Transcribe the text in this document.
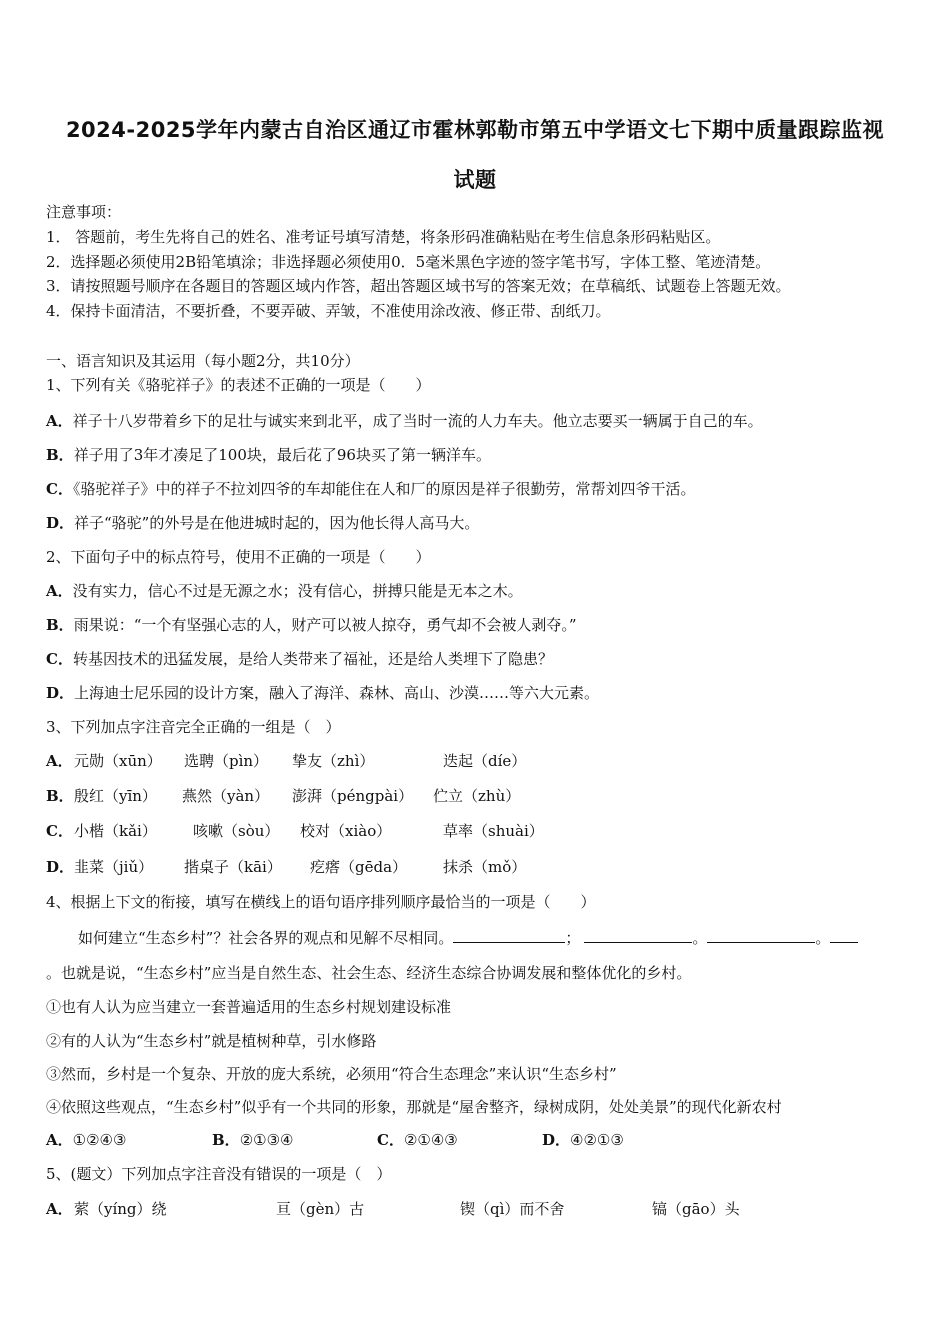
2024-2025学年内蒙古自治区通辽市霍林郭勒市第五中学语文七下期中质量跟踪监视
试题
注意事项：
1． 答题前，考生先将自己的姓名、准考证号填写清楚，将条形码准确粘贴在考生信息条形码粘贴区。
2．选择题必须使用2B铅笔填涂；非选择题必须使用0．5毫米黑色字迹的签字笔书写，字体工整、笔迹清楚。
3．请按照题号顺序在各题目的答题区域内作答，超出答题区域书写的答案无效；在草稿纸、试题卷上答题无效。
4．保持卡面清洁，不要折叠，不要弄破、弄皱，不准使用涂改液、修正带、刮纸刀。
一、语言知识及其运用（每小题2分，共10分）
1、下列有关《骆驼祥子》的表述不正确的一项是（　　）
A．祥子十八岁带着乡下的足壮与诚实来到北平，成了当时一流的人力车夫。他立志要买一辆属于自己的车。
B．祥子用了3年才凑足了100块，最后花了96块买了第一辆洋车。
C．《骆驼祥子》中的祥子不拉刘四爷的车却能住在人和厂的原因是祥子很勤劳，常帮刘四爷干活。
D．祥子“骆驼”的外号是在他进城时起的，因为他长得人高马大。
2、下面句子中的标点符号，使用不正确的一项是（　　）
A．没有实力，信心不过是无源之水；没有信心，拼搏只能是无本之木。
B．雨果说：“一个有坚强心志的人，财产可以被人掠夺，勇气却不会被人剥夺。”
C．转基因技术的迅猛发展，是给人类带来了福祉，还是给人类埋下了隐患？
D．上海迪士尼乐园的设计方案，融入了海洋、森林、高山、沙漠……等六大元素。
3、下列加点字注音完全正确的一组是（　）
A． 元勋（xūn） 选聘（pìn） 挚友（zhì）	迭起（díe）
B． 殷红（yīn） 燕然（yàn） 澎湃（péngpài） 伫立（zhù）
C． 小楷（kǎi） 咳嗽（sòu） 校对（xiào）	草率（shuài）
D． 韭菜（jiǔ） 揩桌子（kāi） 疙瘩（gēda） 抹杀（mǒ）
4、根据上下文的衔接，填写在横线上的语句语序排列顺序最恰当的一项是（　　）
如何建立“生态乡村”？社会各界的观点和见解不尽相同。	；	。	。
。也就是说，“生态乡村”应当是自然生态、社会生态、经济生态综合协调发展和整体优化的乡村。
①也有人认为应当建立一套普遍适用的生态乡村规划建设标准
②有的人认为“生态乡村”就是植树种草，引水修路
③然而，乡村是一个复杂、开放的庞大系统，必须用“符合生态理念”来认识“生态乡村”
④依照这些观点，“生态乡村”似乎有一个共同的形象，那就是“屋舍整齐，绿树成阴，处处美景”的现代化新农村
A．①②④③	B．②①③④	C．②①④③	D．④②①③
5、(题文）下列加点字注音没有错误的一项是（　）
A． 萦（yíng）绕	亘（gèn）古	锲（qì）而不舍	镐（gāo）头
